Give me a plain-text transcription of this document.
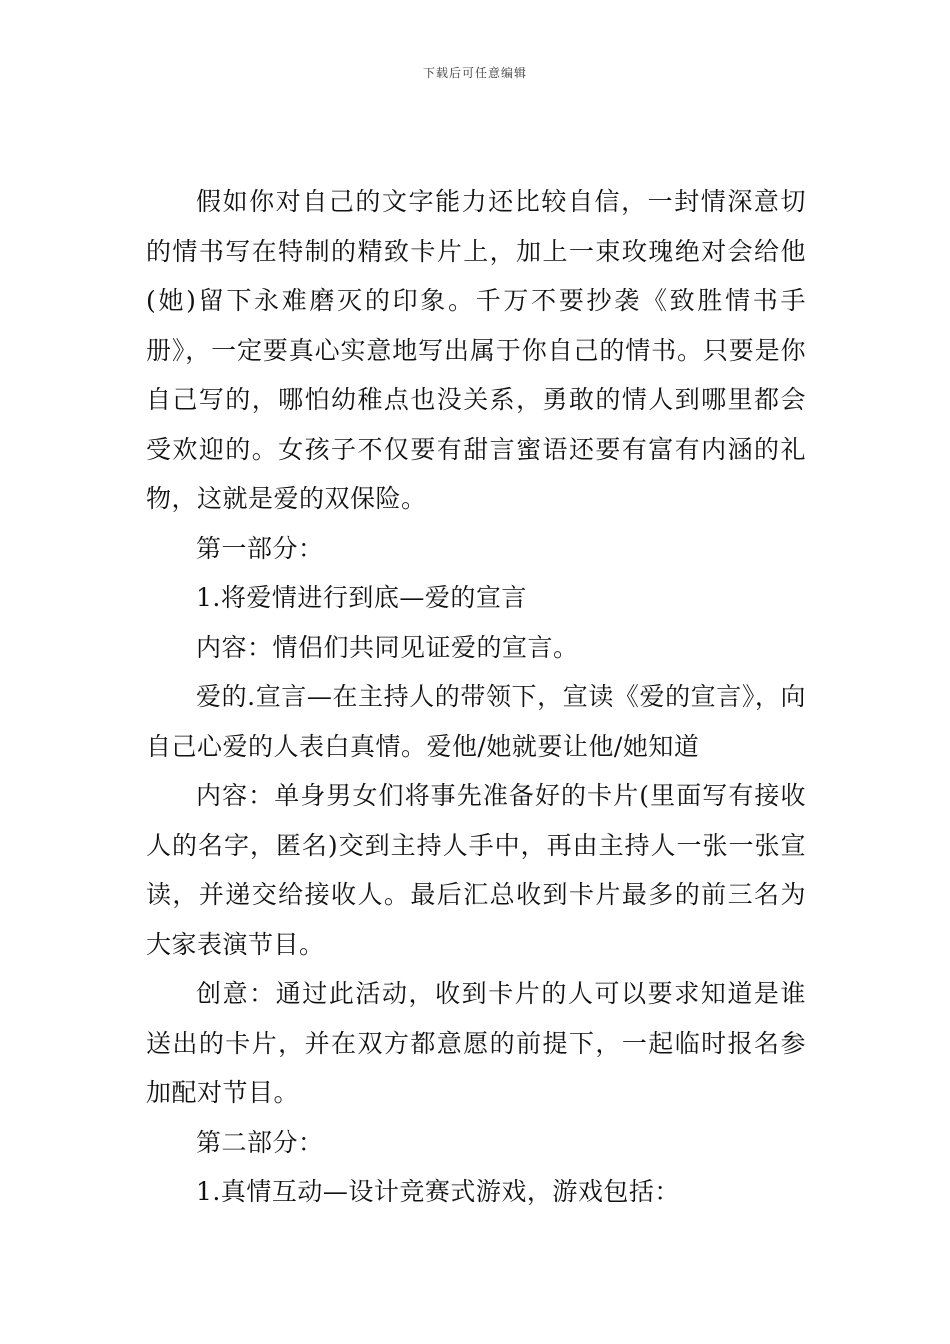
下载后可任意编辑

假如你对自己的文字能力还比较自信，一封情深意切的情书写在特制的精致卡片上，加上一束玫瑰绝对会给他(她)留下永难磨灭的印象。千万不要抄袭《致胜情书手册》，一定要真心实意地写出属于你自己的情书。只要是你自己写的，哪怕幼稚点也没关系，勇敢的情人到哪里都会受欢迎的。女孩子不仅要有甜言蜜语还要有富有内涵的礼物，这就是爱的双保险。

第一部分：

1.将爱情进行到底—爱的宣言

内容：情侣们共同见证爱的宣言。

爱的.宣言—在主持人的带领下，宣读《爱的宣言》，向自己心爱的人表白真情。爱他/她就要让他/她知道

内容：单身男女们将事先准备好的卡片(里面写有接收人的名字，匿名)交到主持人手中，再由主持人一张一张宣读，并递交给接收人。最后汇总收到卡片最多的前三名为大家表演节目。

创意：通过此活动，收到卡片的人可以要求知道是谁送出的卡片，并在双方都意愿的前提下，一起临时报名参加配对节目。

第二部分：

1.真情互动—设计竞赛式游戏，游戏包括：
